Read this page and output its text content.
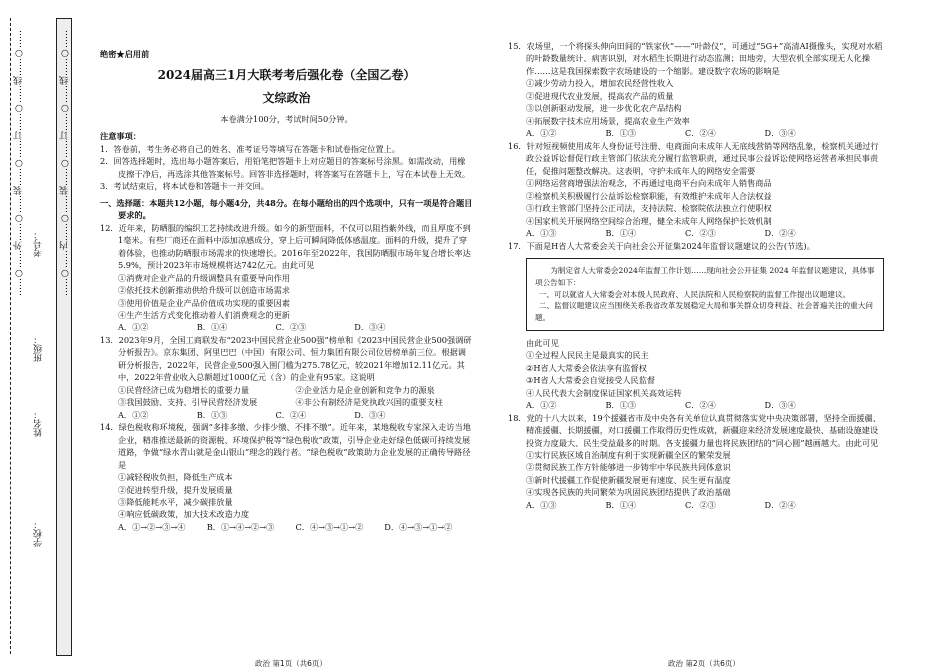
……○……外……○……装……○……订……○……线……○……
学校：
姓名：
班级：
考号： ……○……内……○……装……○……订……○……线……○……	绝密★启用前

2024届高三1月大联考考后强化卷（全国乙卷）

文综政治

本卷满分100分，考试时间50分钟。

注意事项：

1．答卷前，考生务必将自己的姓名、准考证号等填写在答题卡和试卷指定位置上。

2．回答选择题时，选出每小题答案后，用铅笔把答题卡上对应题目的答案标号涂黑。如需改动，用橡皮擦干净后，再选涂其他答案标号。回答非选择题时，将答案写在答题卡上，写在本试卷上无效。

3．考试结束后，将本试卷和答题卡一并交回。

一、选择题：本题共12小题，每小题4分，共48分。在每小题给出的四个选项中，只有一项是符合题目要求的。

12．近年来，防晒服的编织工艺持续改进升级。如今的新型面料，不仅可以阻挡紫外线，而且厚度不到1毫米。有些厂商还在面料中添加凉感成分，穿上后可瞬间降低体感温度。面料的升级，提升了穿着体验，也推动防晒服市场需求的快速增长。2016年至2022年，我国防晒服市场年复合增长率达5.9%，预计2023年市场规模将达742亿元。由此可见

①消费对企业产品的升级调整具有重要导向作用

②依托技术创新推动供给升级可以创造市场需求

③使用价值是企业产品价值成功实现的重要因素

④生产生活方式变化推动着人们消费观念的更新

A．①②	B．①④	C．②③	D．③④

13．2023年9月，全国工商联发布“2023中国民营企业500强”榜单和《2023中国民营企业500强调研分析报告》。京东集团、阿里巴巴（中国）有限公司、恒力集团有限公司位居榜单前三位。根据调研分析报告，2022年，民营企业500强入围门槛为275.78亿元，较2021年增加12.11亿元。其中，2022年营业收入总额超过1000亿元（含）的企业有95家。这说明

①民营经济已成为稳增长的重要力量	②企业活力是企业创新和竞争力的源泉
③我国鼓励、支持、引导民营经济发展	④非公有制经济是党执政兴国的重要支柱
A．①②	B．①③	C．②④	D．③④

14．绿色税收称环境税，强调“多排多缴、少排少缴、不排不缴”。近年来，某地税收专家深入走访当地企业，精准推送最新的资源税、环境保护税等“绿色税收”政策，引导企业走好绿色低碳可持续发展道路，争做“绿水青山就是金山银山”理念的践行者。“绿色税收”政策助力企业发展的正确传导路径是

①减轻税收负担，降低生产成本

②促进转型升级，提升发展质量

③降低能耗水平，减少碳排放量

④响应低碳政策，加大技术改造力度

A．①→②→③→④	B．①→④→②→③	C．④→③→①→②	D．④→③→①→②

15．农场里，一个将探头伸向田间的“铁家伙”——“叶龄仪”，可通过“5G+”高清AI摄像头，实现对水稻的叶龄数量统计、病害识别，对水稻生长期进行动态监测；田地旁，大型农机全部实现无人化操作……这是我国探索数字农场建设的一个缩影。建设数字农场的影响是

①减少劳动力投入，增加农民经营性收入

②促进现代农业发展，提高农产品的质量

③以创新驱动发展，进一步优化农产品结构

④拓展数字技术应用场景，提高农业生产效率

A．①②	B．①③	C．②④	D．③④

16．针对短视频使用成年人身份证号注册、电商面向未成年人无底线营销等网络乱象，检察机关通过行政公益诉讼督促行政主管部门依法充分履行监管职责，通过民事公益诉讼使网络运营者承担民事责任，促推问题整改解决。这表明，守护未成年人的网络安全需要

①网络运营商增强法治观念，不再通过电商平台向未成年人销售商品

②检察机关积极履行公益诉讼检察职能，有效维护未成年人合法权益

③行政主管部门坚持公正司法，支持法院、检察院依法独立行使职权

④国家机关开展网络空间综合治理，健全未成年人网络保护长效机制

A．①③	B．①④	C．②③	D．②④

17．下面是H省人大常委会关于向社会公开征集2024年监督议题建议的公告(节选)。

为制定省人大常委会2024年监督工作计划……现向社会公开征集 2024 年监督议题建议，具体事项公告如下：

一、可以就省人大常委会对本级人民政府、人民法院和人民检察院的监督工作提出议题建议。

二、监督议题建议应当围绕关系我省改革发展稳定大局和事关群众切身利益、社会普遍关注的重大问题。

由此可见

①全过程人民民主是最真实的民主

②H省人大常委会依法享有监督权

③H省人大常委会自觉接受人民监督

④人民代表大会制度保证国家机关高效运转

A．①②	B．①③	C．②④	D．③④

18．党的十八大以来，19个援疆省市及中央各有关单位认真贯彻落实党中央决策部署，坚持全面援疆、精准援疆、长期援疆，对口援疆工作取得历史性成就，新疆迎来经济发展速度最快、基础设施建设投资力度最大、民生受益最多的时期。各支援疆力量也将民族团结的“同心圆”越画越大。由此可见

①实行民族区域自治制度有利于实现新疆全区的繁荣发展

②贯彻民族工作方针能够进一步铸牢中华民族共同体意识

③新时代援疆工作促使新疆发展更有速度、民生更有温度

④实现各民族的共同繁荣为巩固民族团结提供了政治基础

A．①③	B．①④	C．②③	D．②④
政治 第1页（共6页）	政治 第2页（共6页）
